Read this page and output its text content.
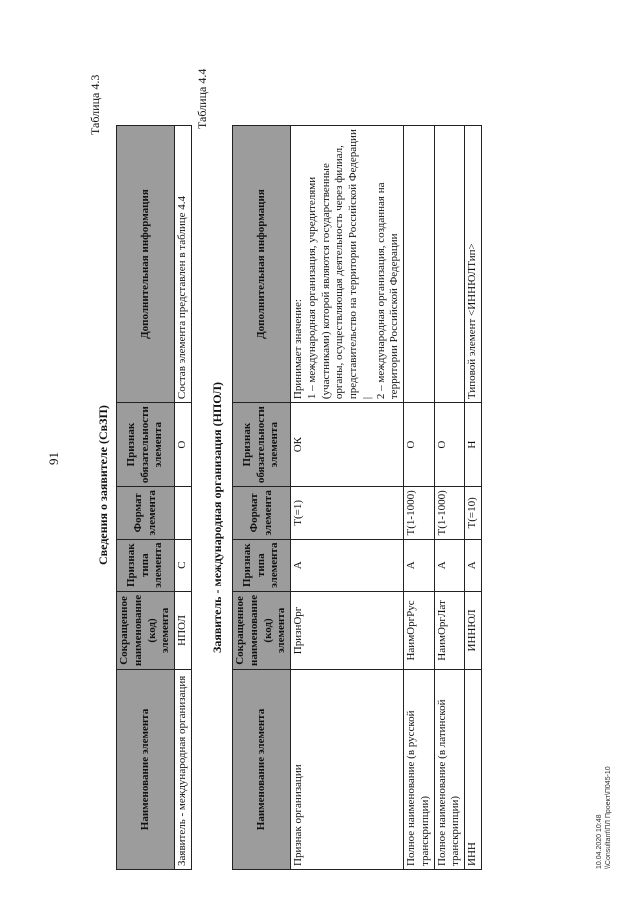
91
Таблица 4.3
Сведения о заявителе (СвЗП)
Наименование элемента	Сокращенное наименование (код) элемента	Признак типа элемента	Формат элемента	Признак обязательности элемента	Дополнительная информация
Заявитель - международная организация	НПОЛ	С		О	Состав элемента представлен в таблице 4.4
Таблица 4.4
Заявитель - международная организация (НПОЛ)
Наименование элемента	Сокращенное наименование (код) элемента	Признак типа элемента	Формат элемента	Признак обязательности элемента	Дополнительная информация
Признак организации	ПризнОрг	А	T(=1)	ОК	Принимает значение:
1 – международная организация, учредителями (участниками) которой являются государственные органы, осуществляющая деятельность через филиал, представительство на территории Российской Федерации |
2 – международная организация, созданная на территории Российской Федерации
Полное наименование (в русской транскрипции)	НаимОргРус	А	T(1-1000)	О	
Полное наименование (в латинской транскрипции)	НаимОргЛат	А	T(1-1000)	О	
ИНН	ИННЮЛ	А	T(=10)	Н	Типовой элемент <ИННЮЛТип>
10.04.2020 10:48 \\Consultant\ПЛ Проект\П045-10
